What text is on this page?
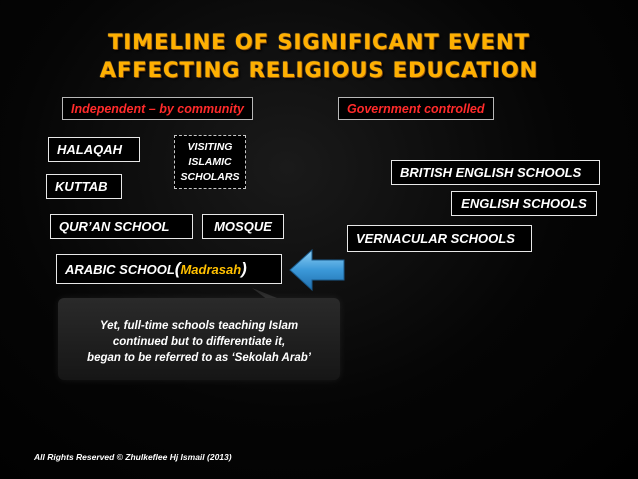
TIMELINE OF SIGNIFICANT EVENT
AFFECTING RELIGIOUS EDUCATION
Independent – by community	Government controlled
HALAQAH	VISITING
ISLAMIC
SCHOLARS
KUTTAB
QUR’AN SCHOOL	MOSQUE
ARABIC SCHOOL ( Madrasah )
BRITISH ENGLISH SCHOOLS
ENGLISH SCHOOLS
VERNACULAR SCHOOLS
Yet, full-time schools teaching Islam
continued but to differentiate it,
began to be referred to as ‘Sekolah Arab’
All Rights Reserved © Zhulkeflee Hj Ismail (2013)
